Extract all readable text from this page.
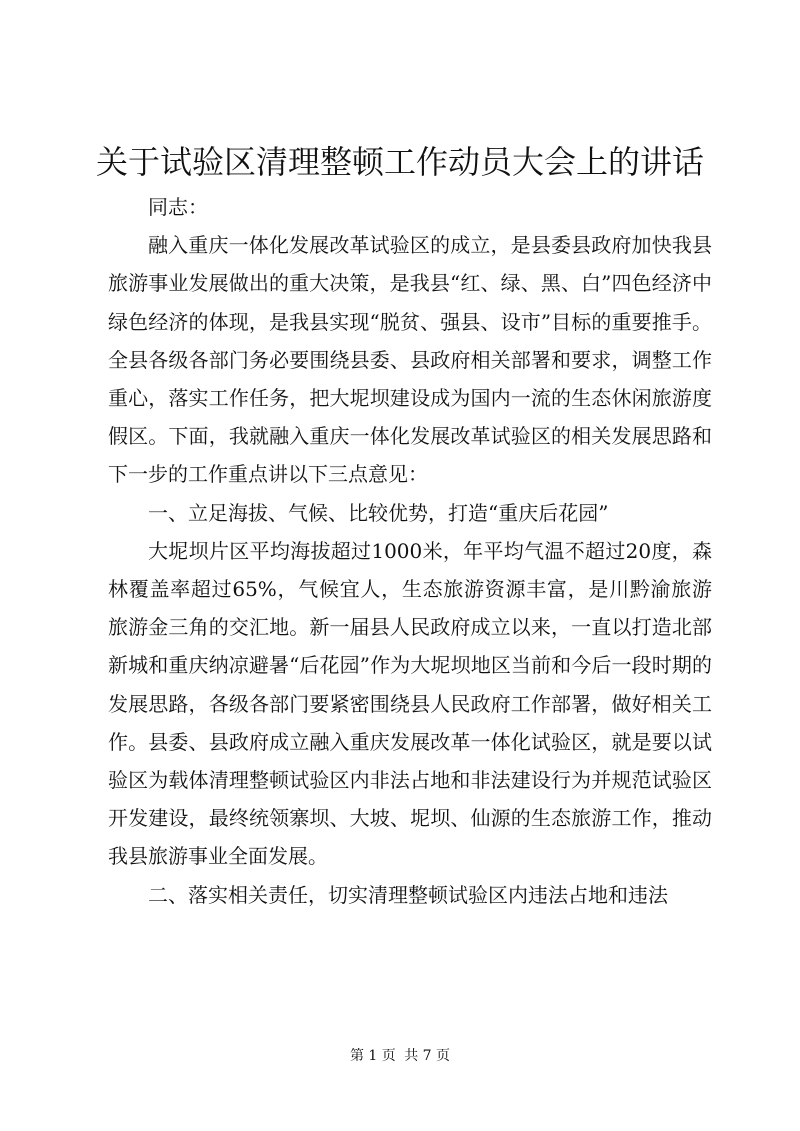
关于试验区清理整顿工作动员大会上的讲话

同志：

融入重庆一体化发展改革试验区的成立，是县委县政府加快我县旅游事业发展做出的重大决策，是我县“红、绿、黑、白”四色经济中绿色经济的体现，是我县实现“脱贫、强县、设市”目标的重要推手。全县各级各部门务必要围绕县委、县政府相关部署和要求，调整工作重心，落实工作任务，把大坭坝建设成为国内一流的生态休闲旅游度假区。下面，我就融入重庆一体化发展改革试验区的相关发展思路和下一步的工作重点讲以下三点意见：

一、立足海拔、气候、比较优势，打造“重庆后花园”

大坭坝片区平均海拔超过1000米，年平均气温不超过20度，森林覆盖率超过65%，气候宜人，生态旅游资源丰富，是川黔渝旅游旅游金三角的交汇地。新一届县人民政府成立以来，一直以打造北部新城和重庆纳凉避暑“后花园”作为大坭坝地区当前和今后一段时期的发展思路，各级各部门要紧密围绕县人民政府工作部署，做好相关工作。县委、县政府成立融入重庆发展改革一体化试验区，就是要以试验区为载体清理整顿试验区内非法占地和非法建设行为并规范试验区开发建设，最终统领寨坝、大坡、坭坝、仙源的生态旅游工作，推动我县旅游事业全面发展。

二、落实相关责任，切实清理整顿试验区内违法占地和违法

第 1 页 共 7 页
